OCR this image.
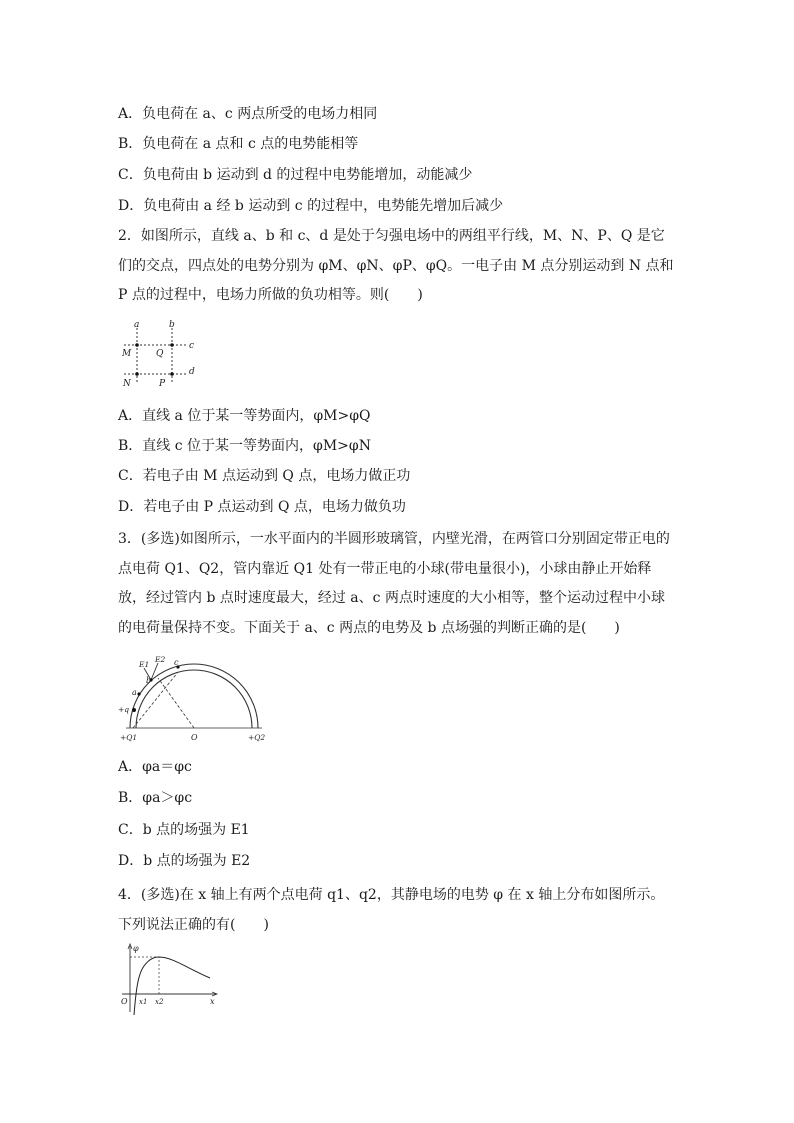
A．负电荷在 a、c 两点所受的电场力相同
B．负电荷在 a 点和 c 点的电势能相等
C．负电荷由 b 运动到 d 的过程中电势能增加，动能减少
D．负电荷由 a 经 b 运动到 c 的过程中，电势能先增加后减少
2．如图所示，直线 a、b 和 c、d 是处于匀强电场中的两组平行线，M、N、P、Q 是它们的交点，四点处的电势分别为 φM、φN、φP、φQ。一电子由 M 点分别运动到 N 点和 P 点的过程中，电场力所做的负功相等。则(　　)
a	b
c
d
M	Q
N	P
A．直线 a 位于某一等势面内，φM>φQ
B．直线 c 位于某一等势面内，φM>φN
C．若电子由 M 点运动到 Q 点，电场力做正功
D．若电子由 P 点运动到 Q 点，电场力做负功
3．(多选)如图所示，一水平面内的半圆形玻璃管，内壁光滑，在两管口分别固定带正电的点电荷 Q1、Q2，管内靠近 Q1 处有一带正电的小球(带电量很小)，小球由静止开始释放，经过管内 b 点时速度最大，经过 a、c 两点时速度的大小相等，整个运动过程中小球的电荷量保持不变。下面关于 a、c 两点的电势及 b 点场强的判断正确的是(　　)
E1
E2
b
c
a
+q
+Q1	O	+Q2
A．φa＝φc
B．φa＞φc
C．b 点的场强为 E1
D．b 点的场强为 E2
4．(多选)在 x 轴上有两个点电荷 q1、q2，其静电场的电势 φ 在 x 轴上分布如图所示。下列说法正确的有(　　)
φ
O x1 x2	x
